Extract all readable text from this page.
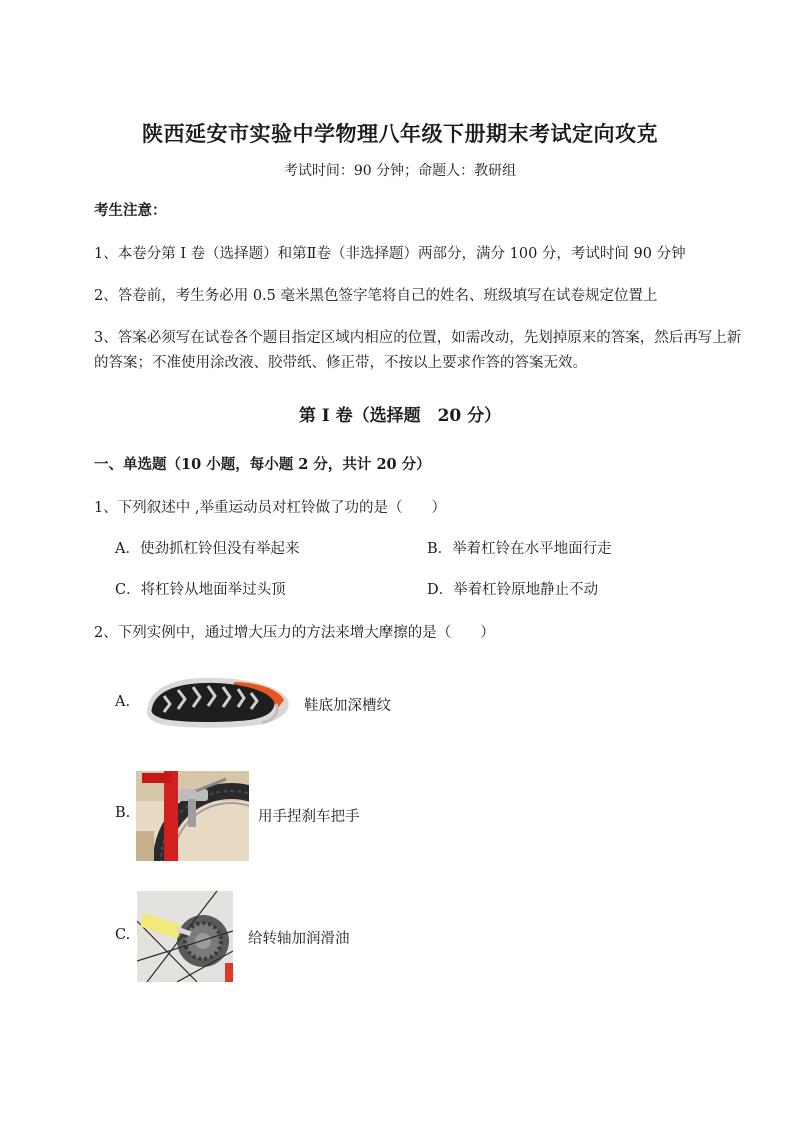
陕西延安市实验中学物理八年级下册期末考试定向攻克
考试时间：90 分钟；命题人：教研组
考生注意：
1、本卷分第 I 卷（选择题）和第Ⅱ卷（非选择题）两部分，满分 100 分，考试时间 90 分钟
2、答卷前，考生务必用 0.5 毫米黑色签字笔将自己的姓名、班级填写在试卷规定位置上
3、答案必须写在试卷各个题目指定区域内相应的位置，如需改动，先划掉原来的答案，然后再写上新
的答案；不准使用涂改液、胶带纸、修正带，不按以上要求作答的答案无效。
第 I 卷（选择题　20 分）
一、单选题（10 小题，每小题 2 分，共计 20 分）
1、下列叙述中 ,举重运动员对杠铃做了功的是（　　）
A．使劲抓杠铃但没有举起来	B．举着杠铃在水平地面行走
C．将杠铃从地面举过头顶	D．举着杠铃原地静止不动
2、下列实例中，通过增大压力的方法来增大摩擦的是（　　）
A.	鞋底加深槽纹
B.	用手捏刹车把手
C.	给转轴加润滑油
